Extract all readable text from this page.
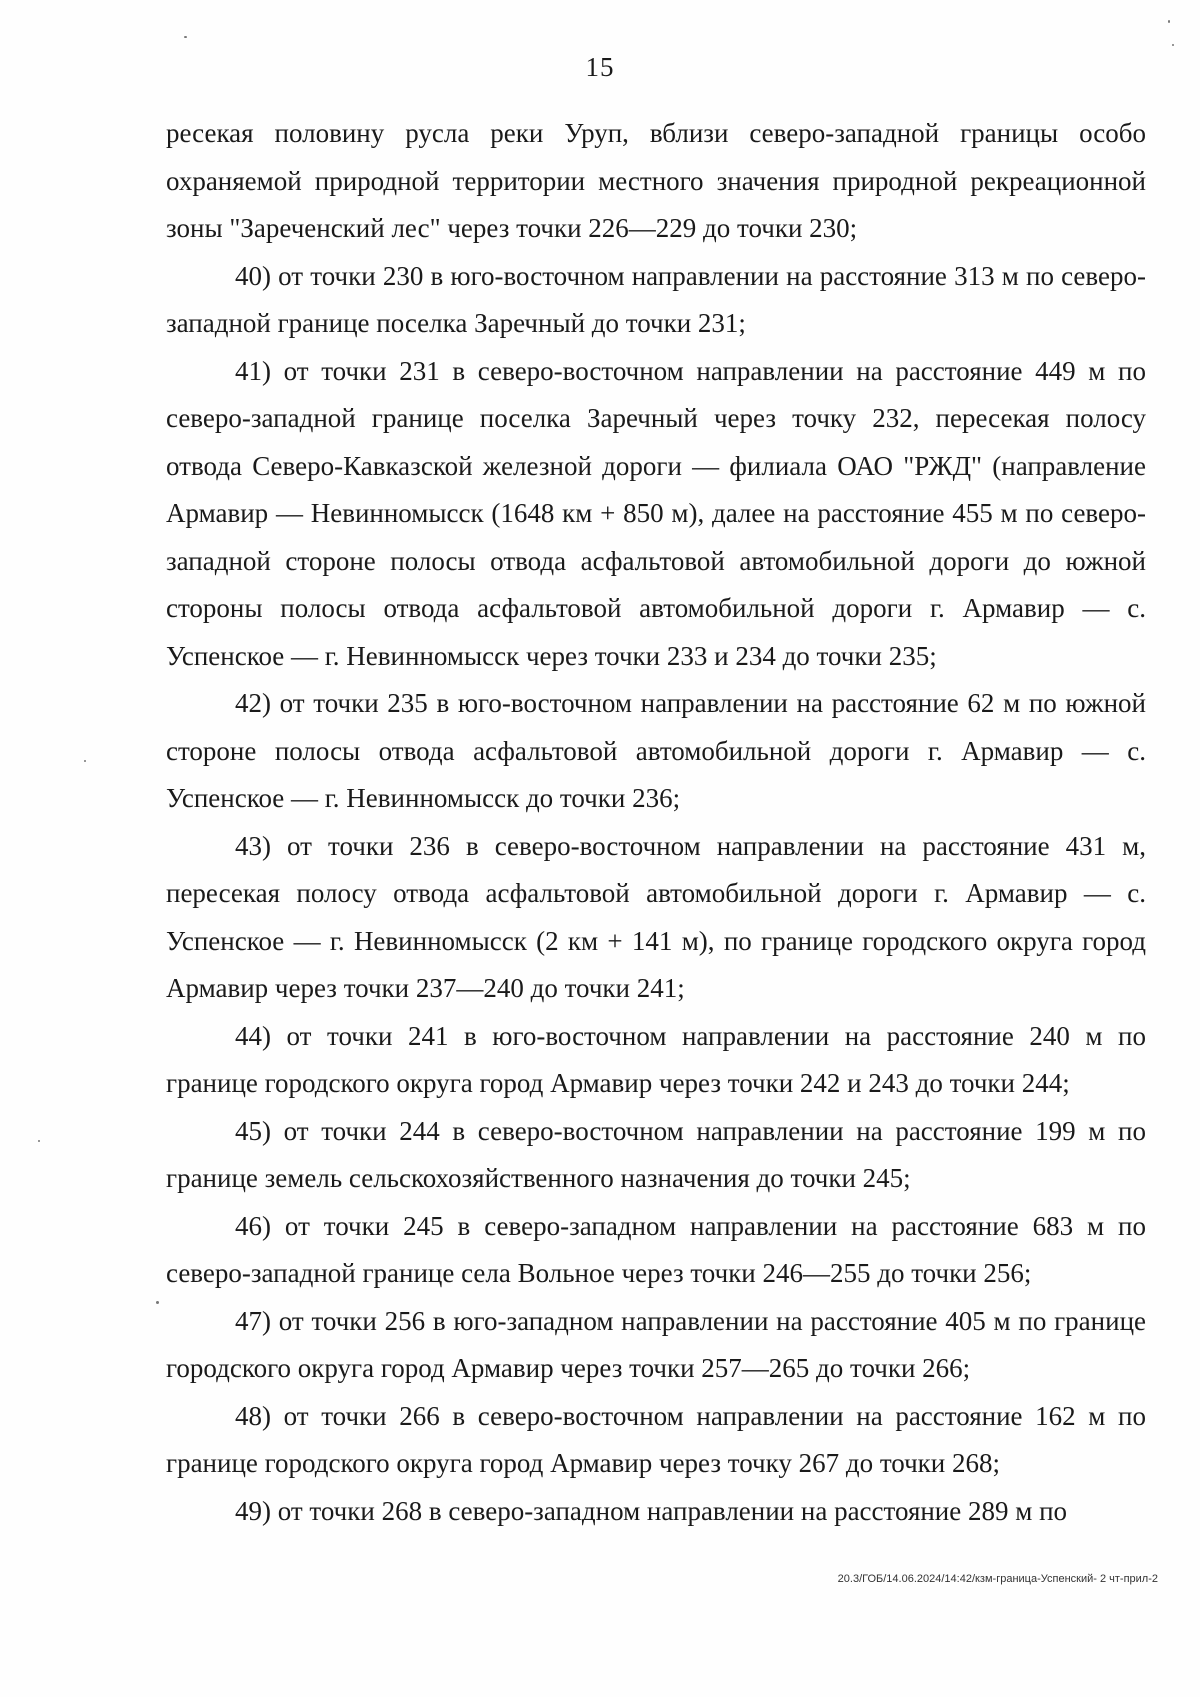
15

ресекая половину русла реки Уруп, вблизи северо-западной границы особо охраняемой природной территории местного значения природной рекреационной зоны "Зареченский лес" через точки 226—229 до точки 230;

40) от точки 230 в юго-восточном направлении на расстояние 313 м по северо-западной границе поселка Заречный до точки 231;

41) от точки 231 в северо-восточном направлении на расстояние 449 м по северо-западной границе поселка Заречный через точку 232, пересекая полосу отвода Северо-Кавказской железной дороги — филиала ОАО "РЖД" (направление Армавир — Невинномысск (1648 км + 850 м), далее на расстояние 455 м по северо-западной стороне полосы отвода асфальтовой автомобильной дороги до южной стороны полосы отвода асфальтовой автомобильной дороги г. Армавир — с. Успенское — г. Невинномысск через точки 233 и 234 до точки 235;

42) от точки 235 в юго-восточном направлении на расстояние 62 м по южной стороне полосы отвода асфальтовой автомобильной дороги г. Армавир — с. Успенское — г. Невинномысск до точки 236;

43) от точки 236 в северо-восточном направлении на расстояние 431 м, пересекая полосу отвода асфальтовой автомобильной дороги г. Армавир — с. Успенское — г. Невинномысск (2 км + 141 м), по границе городского округа город Армавир через точки 237—240 до точки 241;

44) от точки 241 в юго-восточном направлении на расстояние 240 м по границе городского округа город Армавир через точки 242 и 243 до точки 244;

45) от точки 244 в северо-восточном направлении на расстояние 199 м по границе земель сельскохозяйственного назначения до точки 245;

46) от точки 245 в северо-западном направлении на расстояние 683 м по северо-западной границе села Вольное через точки 246—255 до точки 256;

47) от точки 256 в юго-западном направлении на расстояние 405 м по границе городского округа город Армавир через точки 257—265 до точки 266;

48) от точки 266 в северо-восточном направлении на расстояние 162 м по границе городского округа город Армавир через точку 267 до точки 268;

49) от точки 268 в северо-западном направлении на расстояние 289 м по

20.3/ГОБ/14.06.2024/14:42/кзм-граница-Успенский- 2 чт-прил-2
